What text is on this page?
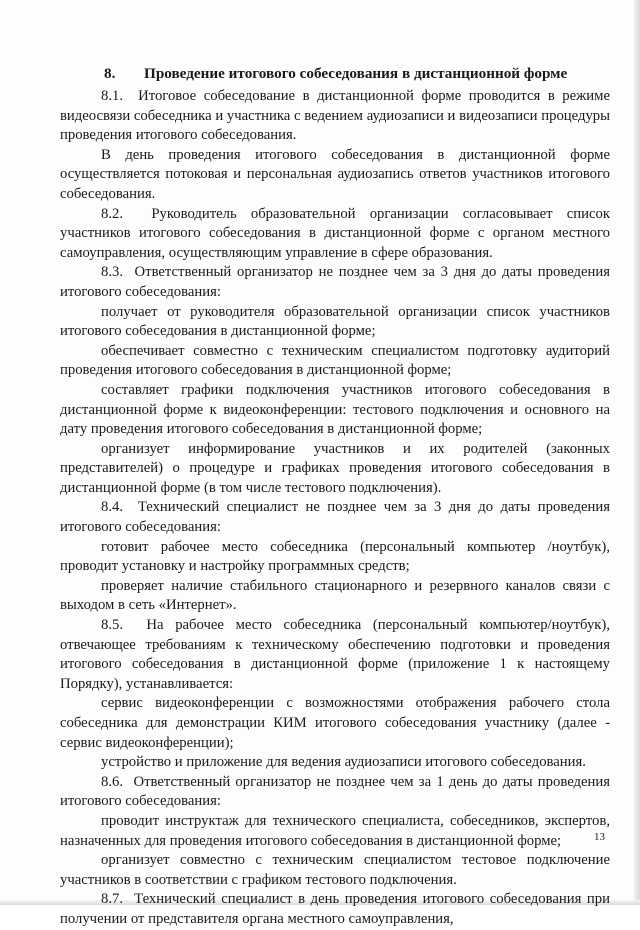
8. Проведение итогового собеседования в дистанционной форме

8.1.  Итоговое собеседование в дистанционной форме проводится в режиме видеосвязи собеседника и участника с ведением аудиозаписи и видеозаписи процедуры проведения итогового собеседования.

В день проведения итогового собеседования в дистанционной форме осуществляется потоковая и персональная аудиозапись ответов участников итогового собеседования.

8.2.  Руководитель образовательной организации согласовывает список участников итогового собеседования в дистанционной форме с органом местного самоуправления, осуществляющим управление в сфере образования.

8.3.  Ответственный организатор не позднее чем за 3 дня до даты проведения итогового собеседования:

получает от руководителя образовательной организации список участников итогового собеседования в дистанционной форме;

обеспечивает совместно с техническим специалистом подготовку аудиторий проведения итогового собеседования в дистанционной форме;

составляет графики подключения участников итогового собеседования в дистанционной форме к видеоконференции: тестового подключения и основного на дату проведения итогового собеседования в дистанционной форме;

организует информирование участников и их родителей (законных представителей) о процедуре и графиках проведения итогового собеседования в дистанционной форме (в том числе тестового подключения).

8.4.  Технический специалист не позднее чем за 3 дня до даты проведения итогового собеседования:

готовит рабочее место собеседника (персональный компьютер /ноутбук), проводит установку и настройку программных средств;

проверяет наличие стабильного стационарного и резервного каналов связи с выходом в сеть «Интернет».

8.5.  На рабочее место собеседника (персональный компьютер/ноутбук), отвечающее требованиям к техническому обеспечению подготовки и проведения итогового собеседования в дистанционной форме (приложение 1 к настоящему Порядку), устанавливается:

сервис видеоконференции с возможностями отображения рабочего стола собеседника для демонстрации КИМ итогового собеседования участнику (далее - сервис видеоконференции);

устройство и приложение для ведения аудиозаписи итогового собеседования.

8.6.  Ответственный организатор не позднее чем за 1 день до даты проведения итогового собеседования:

проводит инструктаж для технического специалиста, собеседников, экспертов, назначенных для проведения итогового собеседования в дистанционной форме;

организует совместно с техническим специалистом тестовое подключение участников в соответствии с графиком тестового подключения.

8.7.  Технический специалист в день проведения итогового собеседования при получении от представителя органа местного самоуправления,

13
